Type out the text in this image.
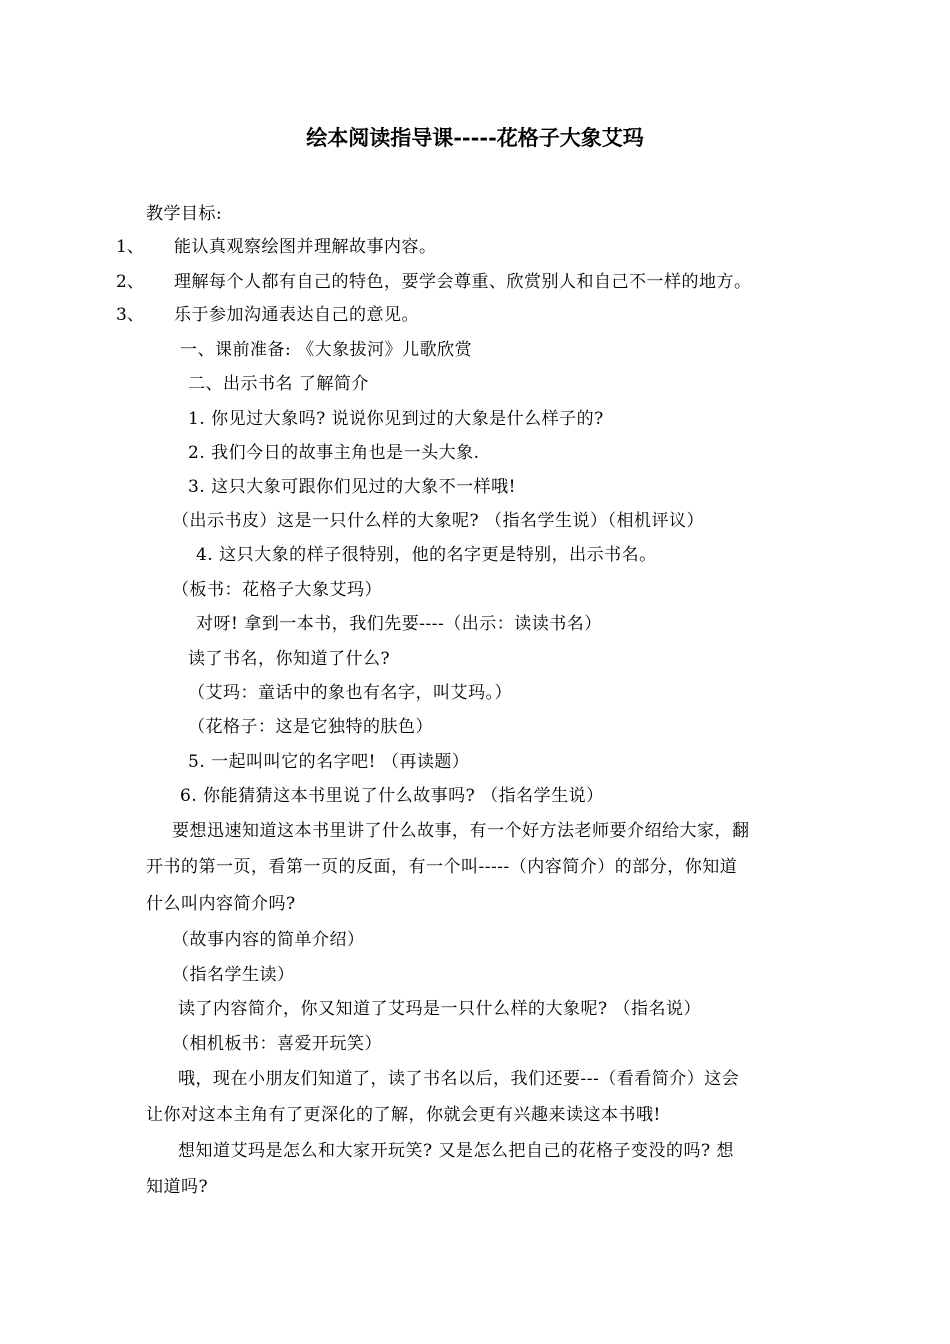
绘本阅读指导课-----花格子大象艾玛
教学目标:
1、 能认真观察绘图并理解故事内容。
2、 理解每个人都有自己的特色，要学会尊重、欣赏别人和自己不一样的地方。
3、 乐于参加沟通表达自己的意见。
一、课前准备: 《大象拔河》儿歌欣赏
二、出示书名 了解简介
1. 你见过大象吗? 说说你见到过的大象是什么样子的?
2. 我们今日的故事主角也是一头大象.
3. 这只大象可跟你们见过的大象不一样哦!
（出示书皮）这是一只什么样的大象呢? （指名学生说）（相机评议）
4. 这只大象的样子很特别，他的名字更是特别，出示书名。
（板书：花格子大象艾玛）
对呀! 拿到一本书，我们先要----（出示：读读书名）
读了书名，你知道了什么?
（艾玛：童话中的象也有名字，叫艾玛。）
（花格子：这是它独特的肤色）
5. 一起叫叫它的名字吧! （再读题）
6. 你能猜猜这本书里说了什么故事吗? （指名学生说）
要想迅速知道这本书里讲了什么故事，有一个好方法老师要介绍给大家，翻
开书的第一页，看第一页的反面，有一个叫-----（内容简介）的部分，你知道
什么叫内容简介吗?
（故事内容的简单介绍）
（指名学生读）
读了内容简介，你又知道了艾玛是一只什么样的大象呢? （指名说）
（相机板书：喜爱开玩笑）
哦，现在小朋友们知道了，读了书名以后，我们还要---（看看简介）这会
让你对这本主角有了更深化的了解，你就会更有兴趣来读这本书哦!
想知道艾玛是怎么和大家开玩笑? 又是怎么把自己的花格子变没的吗? 想
知道吗?
